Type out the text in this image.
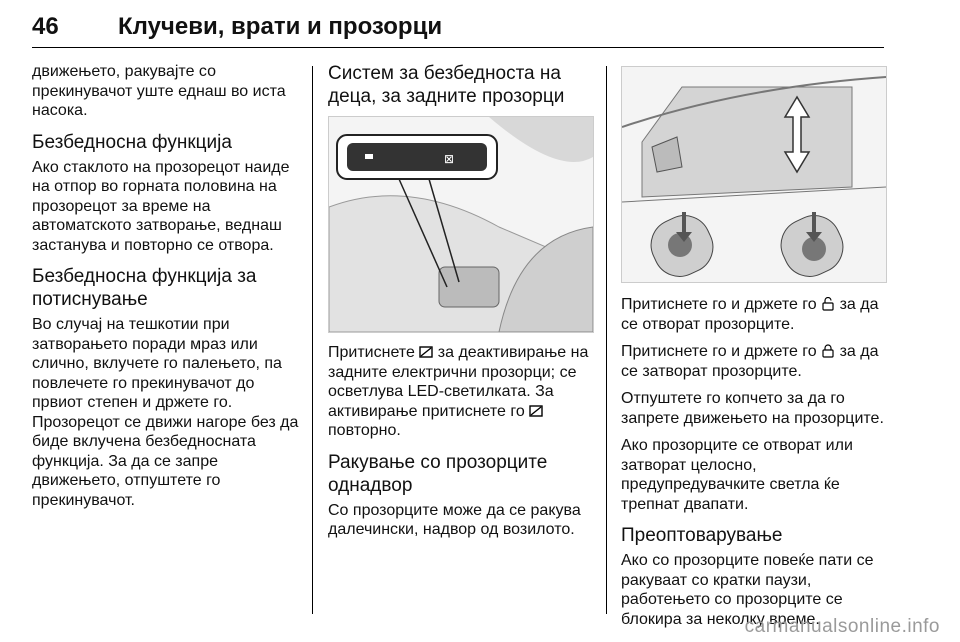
46 Клучеви, врати и прозорци

движењето, ракувајте со прекинувачот уште еднаш во иста насока.

Безбедносна функција

Ако стаклото на прозорецот наиде на отпор во горната половина на прозорецот за време на автоматското затворање, веднаш застанува и повторно се отвора.

Безбедносна функција за потиснување

Во случај на тешкотии при затворањето поради мраз или слично, вклучете го палењето, па повлечете го прекинувачот до првиот степен и држете го. Прозорецот се движи нагоре без да биде вклучена безбедносната функција. За да се запре движењето, отпуштете го прекинувачот.

Систем за безбедноста на деца, за задните прозорци
⊠

Притиснете за деактивирање на задните електрични прозорци; се осветлува LED-светилката. За активирање притиснете го  повторно.

Ракување со прозорците однадвор

Со прозорците може да се ракува далечински, надвор од возилото.

Притиснете го и држете го за да се отворат прозорците.

Притиснете го и држете го за да се затворат прозорците.

Отпуштете го копчето за да го запрете движењето на прозорците.

Ако прозорците се отворат или затворат целосно, предупредувачките светла ќе трепнат двапати.

Преоптоварување

Ако со прозорците повеќе пати се ракуваат со кратки паузи, работењето со прозорците се блокира за неколку време.

carmanualsonline.info
